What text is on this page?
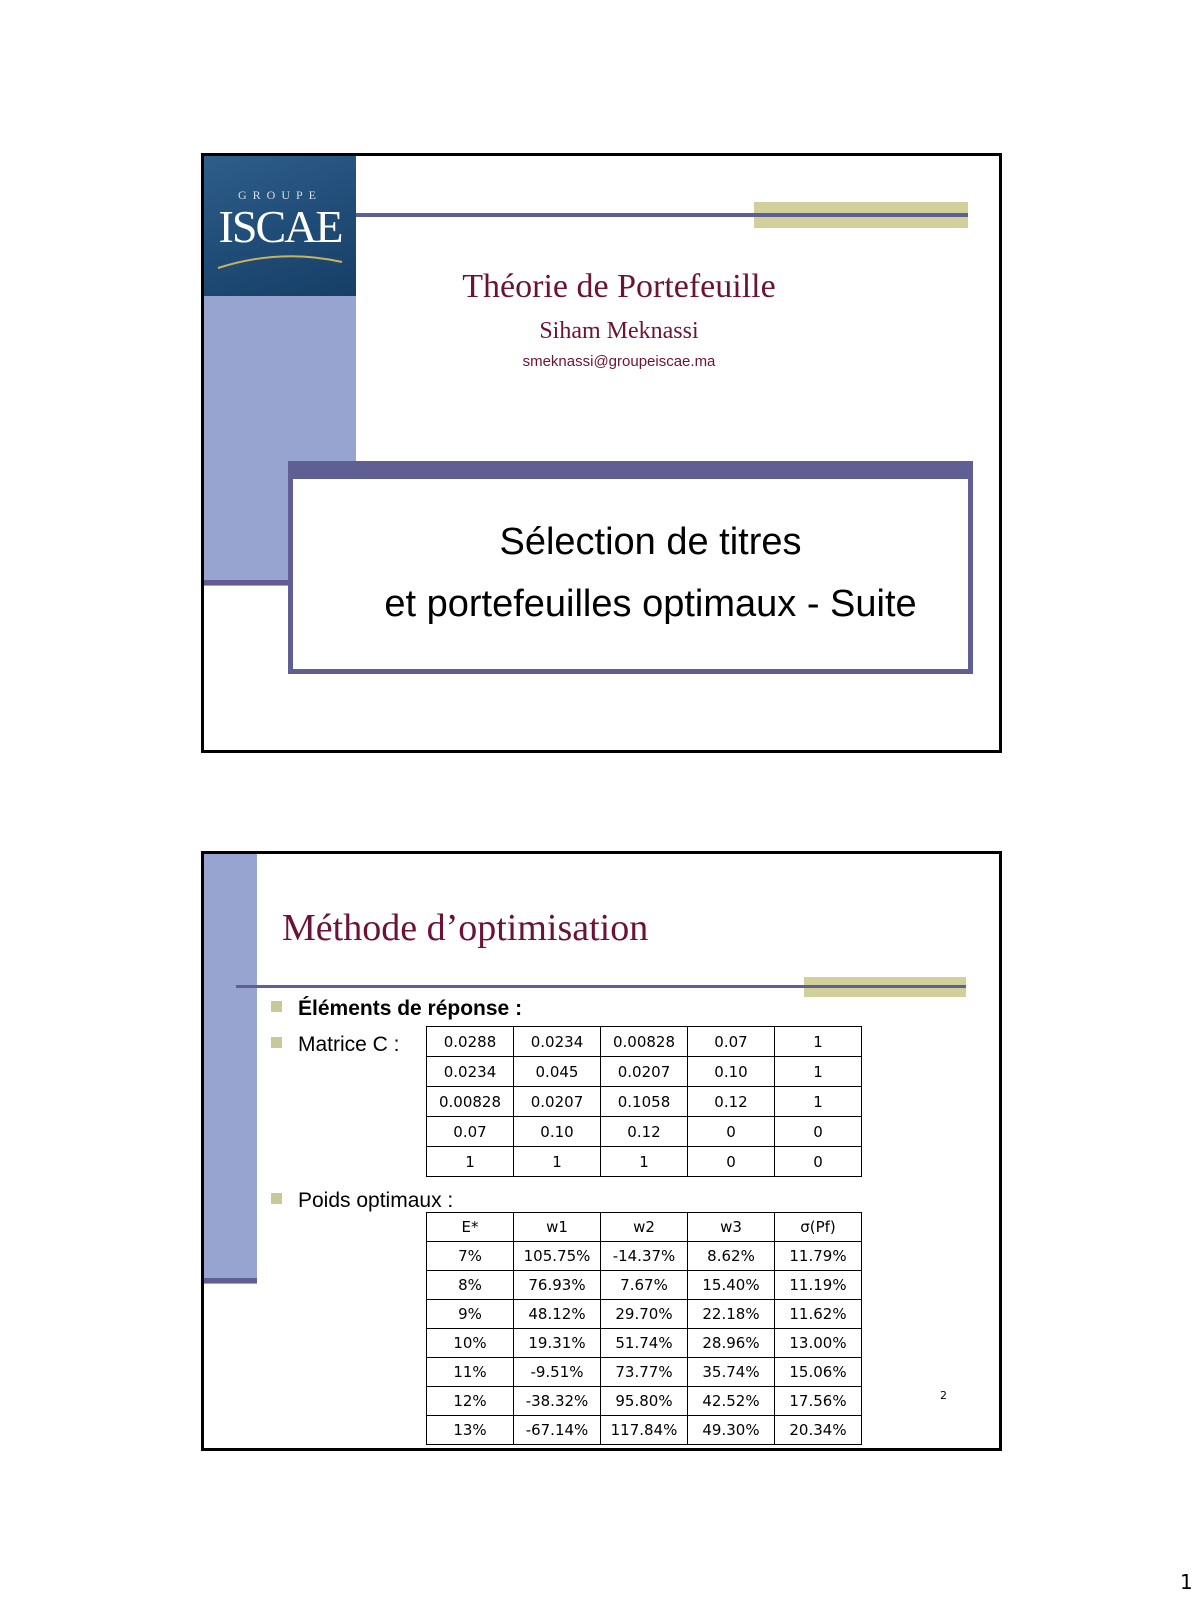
GROUPE
ISCAE
Théorie de Portefeuille
Siham Meknassi
smeknassi@groupeiscae.ma
Sélection de titres
et portefeuilles optimaux - Suite
Méthode d’optimisation
Éléments de réponse :
Matrice C :	0.0288	0.0234	0.00828	0.07	1
0.0234	0.045	0.0207	0.10	1
0.00828	0.0207	0.1058	0.12	1
0.07	0.10	0.12	0	0
1	1	1	0	0
Poids optimaux :
E*	w1	w2	w3	σ(Pf)
7%	105.75%	-14.37%	8.62%	11.79%
8%	76.93%	7.67%	15.40%	11.19%
9%	48.12%	29.70%	22.18%	11.62%
10%	19.31%	51.74%	28.96%	13.00%
11%	-9.51%	73.77%	35.74%	15.06%
12%	-38.32%	95.80%	42.52%	17.56%
13%	-67.14%	117.84%	49.30%	20.34%
2
1
